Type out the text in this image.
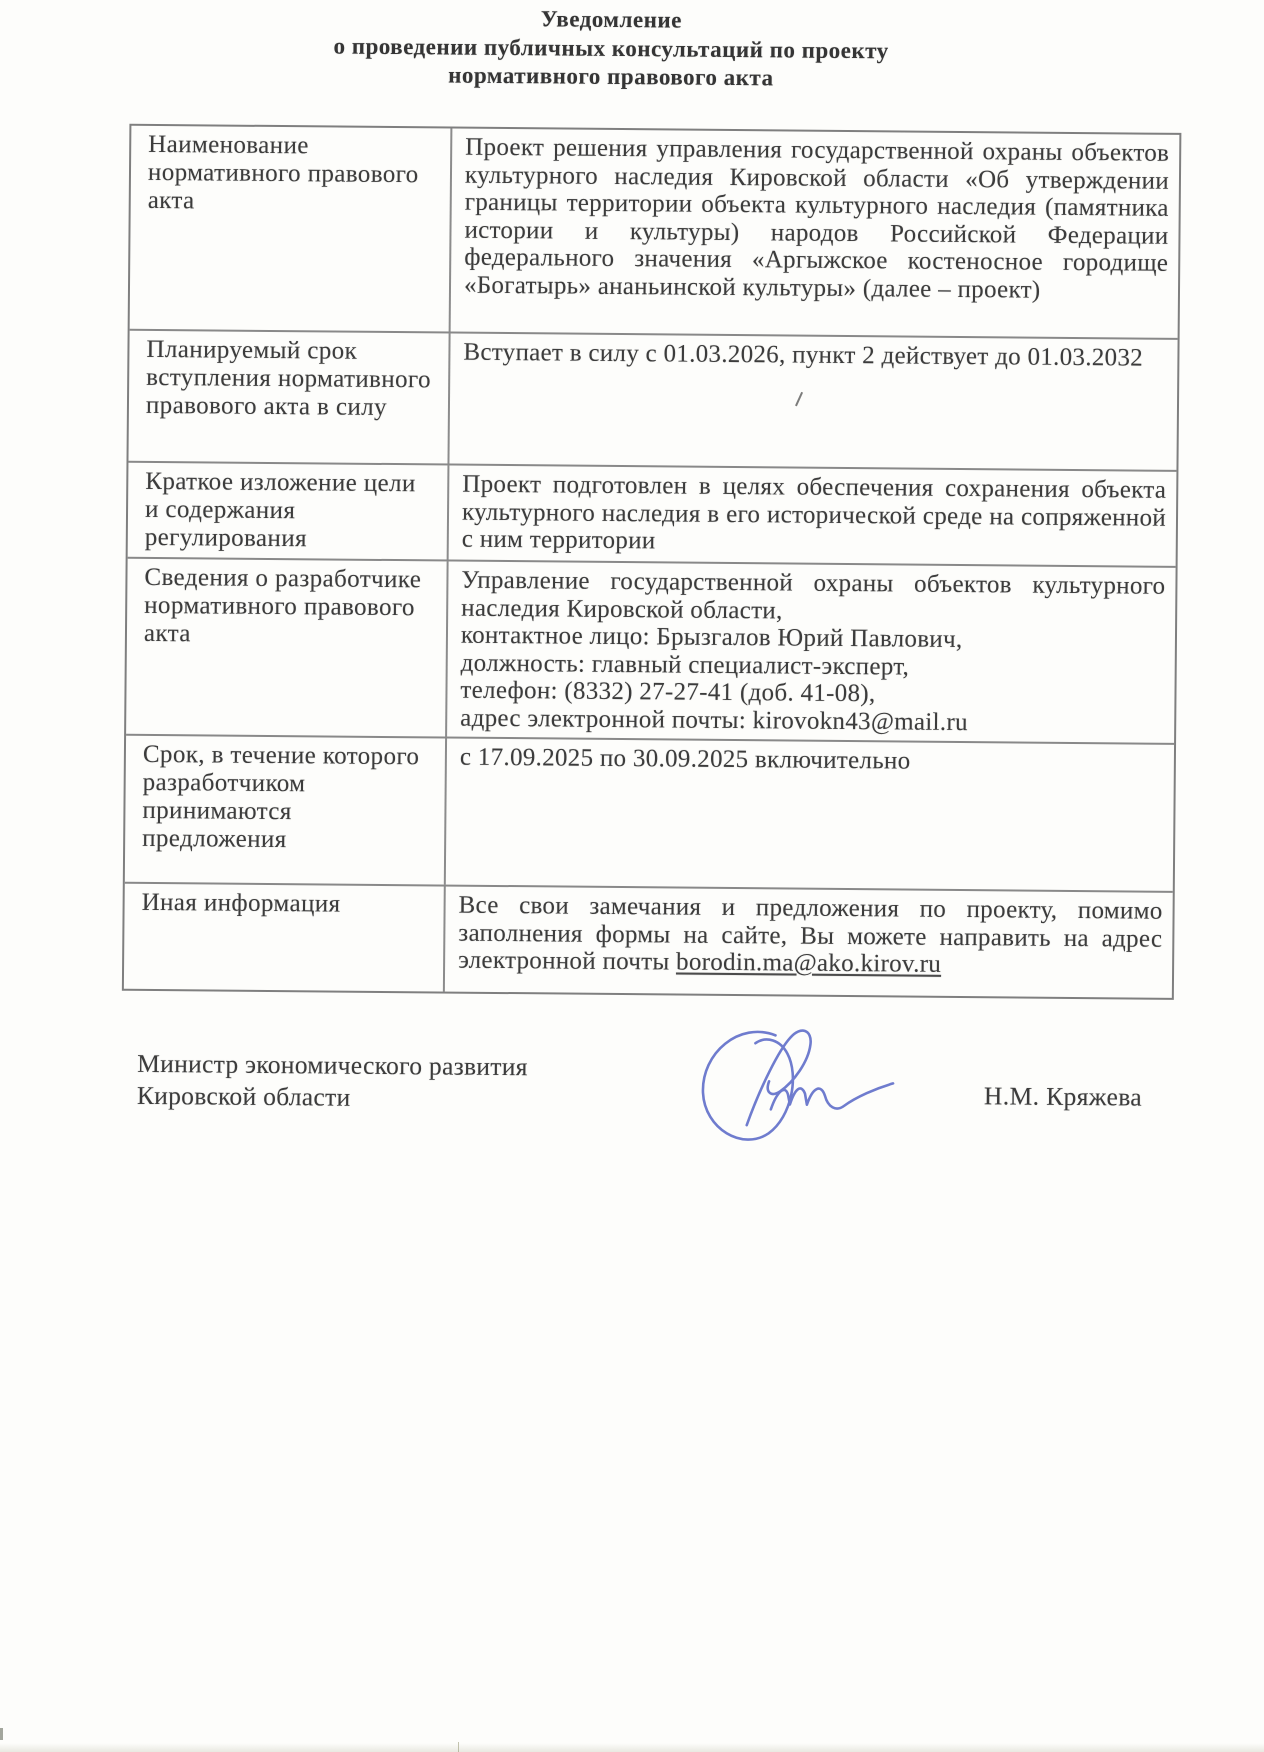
Уведомление
о проведении публичных консультаций по проекту
нормативного правового акта
Наименование нормативного правового акта

Проект решения управления государственной охраны объектов культурного наследия Кировской области «Об утверждении границы территории объекта культурного наследия (памятника истории и культуры) народов Российской Федерации федерального значения «Аргыжское костеносное городище «Богатырь» ананьинской культуры» (далее – проект)

Планируемый срок вступления нормативного правового акта в силу

Вступает в силу с 01.03.2026, пункт 2 действует до 01.03.2032

Краткое изложение цели и содержания регулирования

Проект подготовлен в целях обеспечения сохранения объекта культурного наследия в его исторической среде на сопряженной с ним территории

Сведения о разработчике нормативного правового акта

Управление государственной охраны объектов культурного наследия Кировской области,

контактное лицо: Брызгалов Юрий Павлович,

должность: главный специалист-эксперт,

телефон: (8332) 27-27-41 (доб. 41-08),

адрес электронной почты: kirovokn43@mail.ru

Срок, в течение которого разработчиком принимаются предложения

с 17.09.2025 по 30.09.2025 включительно

Иная информация	Все свои замечания и предложения по проекту, помимо заполнения формы на сайте, Вы можете направить на адрес электронной почты borodin.ma@ako.kirov.ru

Министр экономического развития
Кировской области	Н.М. Кряжева
